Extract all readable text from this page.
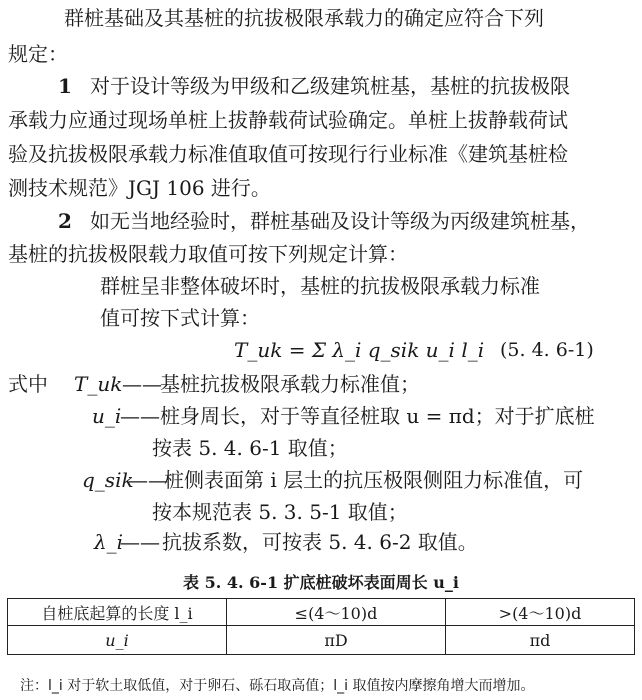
群桩基础及其基桩的抗拔极限承载力的确定应符合下列
规定：
1 对于设计等级为甲级和乙级建筑桩基，基桩的抗拔极限
承载力应通过现场单桩上拔静载荷试验确定。单桩上拔静载荷试
验及抗拔极限承载力标准值取值可按现行行业标准《建筑基桩检
测技术规范》JGJ 106 进行。
2 如无当地经验时，群桩基础及设计等级为丙级建筑桩基，
基桩的抗拔极限载力取值可按下列规定计算：
群桩呈非整体破坏时，基桩的抗拔极限承载力标准
值可按下式计算：
T_uk = Σ λ_i q_sik u_i l_i (5. 4. 6-1)
式中 T_uk ——
基桩抗拔极限承载力标准值；
u_i
—— 桩身周长，对于等直径桩取 u = πd；对于扩底桩
按表 5. 4. 6-1 取值；
q_sik
——
桩侧表面第 i 层土的抗压极限侧阻力标准值，可
按本规范表 5. 3. 5-1 取值；
λ_i
—— 抗拔系数，可按表 5. 4. 6-2 取值。
表 5. 4. 6-1 扩底桩破坏表面周长 u_i
自桩底起算的长度 l_i	≤(4～10)d	>(4～10)d
u_i	πD	πd
注：l_i 对于软土取低值，对于卵石、砾石取高值；l_i 取值按内摩擦角增大而增加。
